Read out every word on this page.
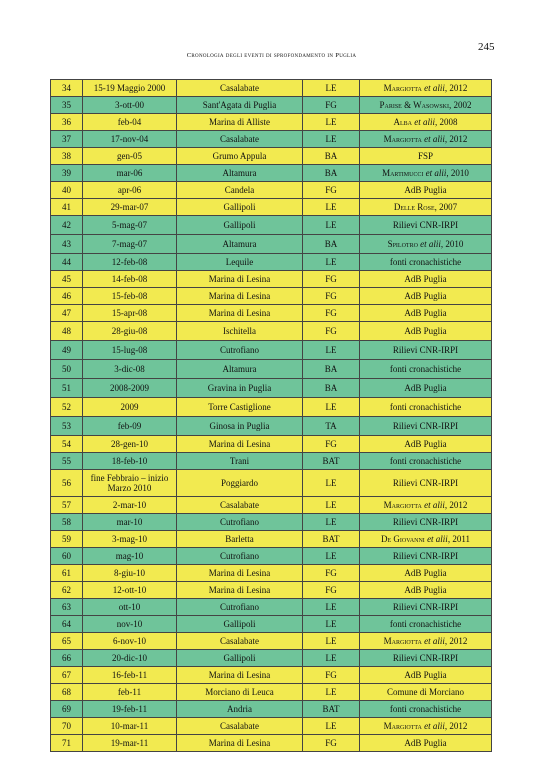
245
Cronologia degli eventi di sprofondamento in Puglia
34	15-19 Maggio 2000	Casalabate	LE	Margiotta et alii, 2012
35	3-ott-00	Sant'Agata di Puglia	FG	Parise & Wasowski, 2002
36	feb-04	Marina di Alliste	LE	Alba et alii, 2008
37	17-nov-04	Casalabate	LE	Margiotta et alii, 2012
38	gen-05	Grumo Appula	BA	FSP
39	mar-06	Altamura	BA	Martimucci et alii, 2010
40	apr-06	Candela	FG	AdB Puglia
41	29-mar-07	Gallipoli	LE	Delle Rose, 2007
42	5-mag-07	Gallipoli	LE	Rilievi CNR-IRPI
43	7-mag-07	Altamura	BA	Spilotro et alii, 2010
44	12-feb-08	Lequile	LE	fonti cronachistiche
45	14-feb-08	Marina di Lesina	FG	AdB Puglia
46	15-feb-08	Marina di Lesina	FG	AdB Puglia
47	15-apr-08	Marina di Lesina	FG	AdB Puglia
48	28-giu-08	Ischitella	FG	AdB Puglia
49	15-lug-08	Cutrofiano	LE	Rilievi CNR-IRPI
50	3-dic-08	Altamura	BA	fonti cronachistiche
51	2008-2009	Gravina in Puglia	BA	AdB Puglia
52	2009	Torre Castiglione	LE	fonti cronachistiche
53	feb-09	Ginosa in Puglia	TA	Rilievi CNR-IRPI
54	28-gen-10	Marina di Lesina	FG	AdB Puglia
55	18-feb-10	Trani	BAT	fonti cronachistiche
56	fine Febbraio – inizio Marzo 2010	Poggiardo	LE	Rilievi CNR-IRPI
57	2-mar-10	Casalabate	LE	Margiotta et alii, 2012
58	mar-10	Cutrofiano	LE	Rilievi CNR-IRPI
59	3-mag-10	Barletta	BAT	De Giovanni et alii, 2011
60	mag-10	Cutrofiano	LE	Rilievi CNR-IRPI
61	8-giu-10	Marina di Lesina	FG	AdB Puglia
62	12-ott-10	Marina di Lesina	FG	AdB Puglia
63	ott-10	Cutrofiano	LE	Rilievi CNR-IRPI
64	nov-10	Gallipoli	LE	fonti cronachistiche
65	6-nov-10	Casalabate	LE	Margiotta et alii, 2012
66	20-dic-10	Gallipoli	LE	Rilievi CNR-IRPI
67	16-feb-11	Marina di Lesina	FG	AdB Puglia
68	feb-11	Morciano di Leuca	LE	Comune di Morciano
69	19-feb-11	Andria	BAT	fonti cronachistiche
70	10-mar-11	Casalabate	LE	Margiotta et alii, 2012
71	19-mar-11	Marina di Lesina	FG	AdB Puglia
